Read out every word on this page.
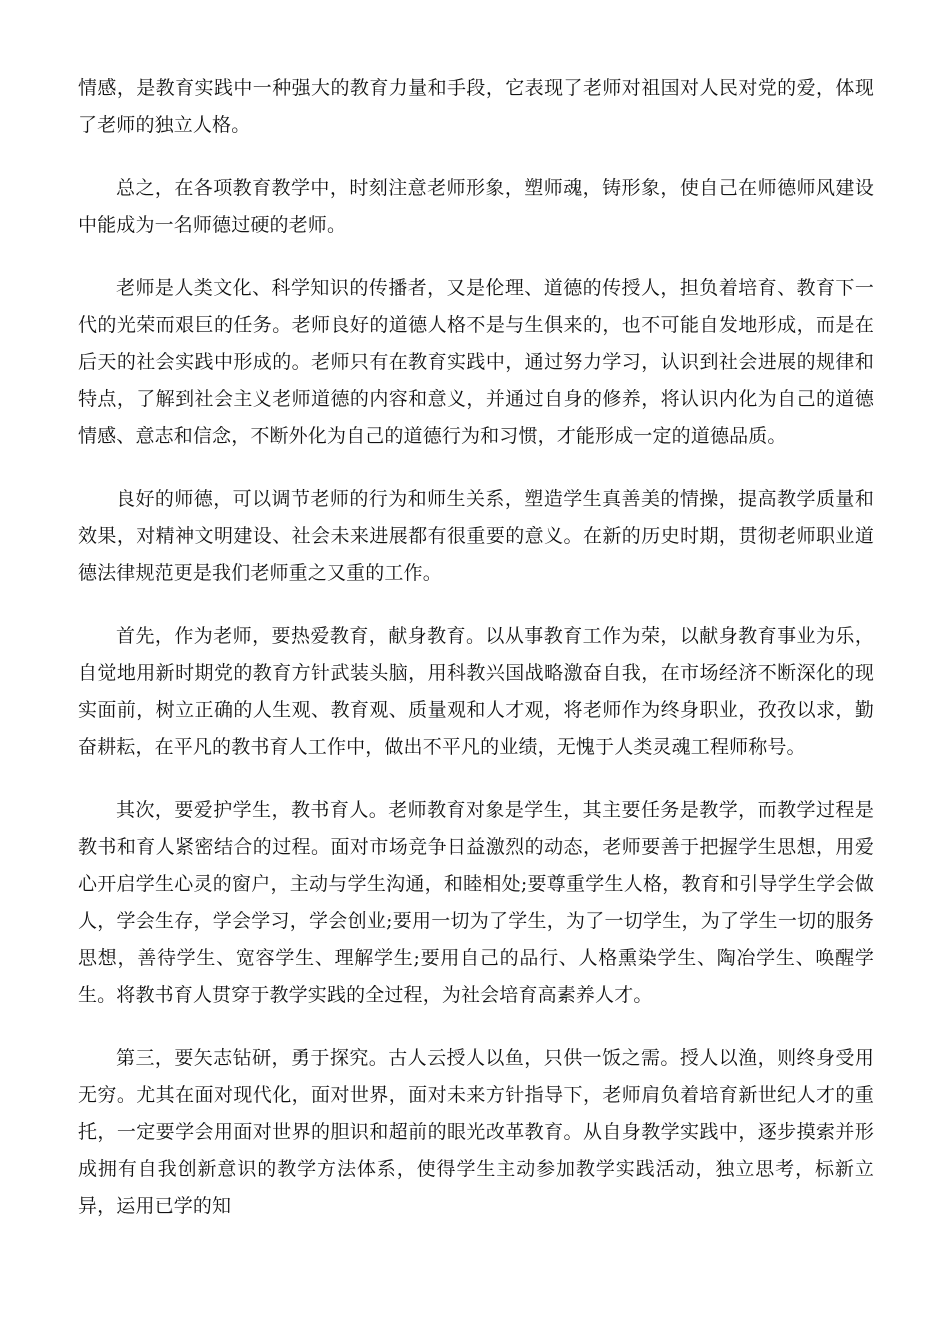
情感，是教育实践中一种强大的教育力量和手段，它表现了老师对祖国对人民对党的爱，体现了老师的独立人格。

总之，在各项教育教学中，时刻注意老师形象，塑师魂，铸形象，使自己在师德师风建设中能成为一名师德过硬的老师。

老师是人类文化、科学知识的传播者，又是伦理、道德的传授人，担负着培育、教育下一代的光荣而艰巨的任务。老师良好的道德人格不是与生俱来的，也不可能自发地形成，而是在后天的社会实践中形成的。老师只有在教育实践中，通过努力学习，认识到社会进展的规律和特点，了解到社会主义老师道德的内容和意义，并通过自身的修养，将认识内化为自己的道德情感、意志和信念，不断外化为自己的道德行为和习惯，才能形成一定的道德品质。

良好的师德，可以调节老师的行为和师生关系，塑造学生真善美的情操，提高教学质量和效果，对精神文明建设、社会未来进展都有很重要的意义。在新的历史时期，贯彻老师职业道德法律规范更是我们老师重之又重的工作。

首先，作为老师，要热爱教育，献身教育。以从事教育工作为荣，以献身教育事业为乐，自觉地用新时期党的教育方针武装头脑，用科教兴国战略激奋自我，在市场经济不断深化的现实面前，树立正确的人生观、教育观、质量观和人才观，将老师作为终身职业，孜孜以求，勤奋耕耘，在平凡的教书育人工作中，做出不平凡的业绩，无愧于人类灵魂工程师称号。

其次，要爱护学生，教书育人。老师教育对象是学生，其主要任务是教学，而教学过程是教书和育人紧密结合的过程。面对市场竞争日益激烈的动态，老师要善于把握学生思想，用爱心开启学生心灵的窗户，主动与学生沟通，和睦相处;要尊重学生人格，教育和引导学生学会做人，学会生存，学会学习，学会创业;要用一切为了学生，为了一切学生，为了学生一切的服务思想，善待学生、宽容学生、理解学生;要用自己的品行、人格熏染学生、陶冶学生、唤醒学生。将教书育人贯穿于教学实践的全过程，为社会培育高素养人才。

第三，要矢志钻研，勇于探究。古人云授人以鱼，只供一饭之需。授人以渔，则终身受用无穷。尤其在面对现代化，面对世界，面对未来方针指导下，老师肩负着培育新世纪人才的重托，一定要学会用面对世界的胆识和超前的眼光改革教育。从自身教学实践中，逐步摸索并形成拥有自我创新意识的教学方法体系，使得学生主动参加教学实践活动，独立思考，标新立异，运用已学的知
